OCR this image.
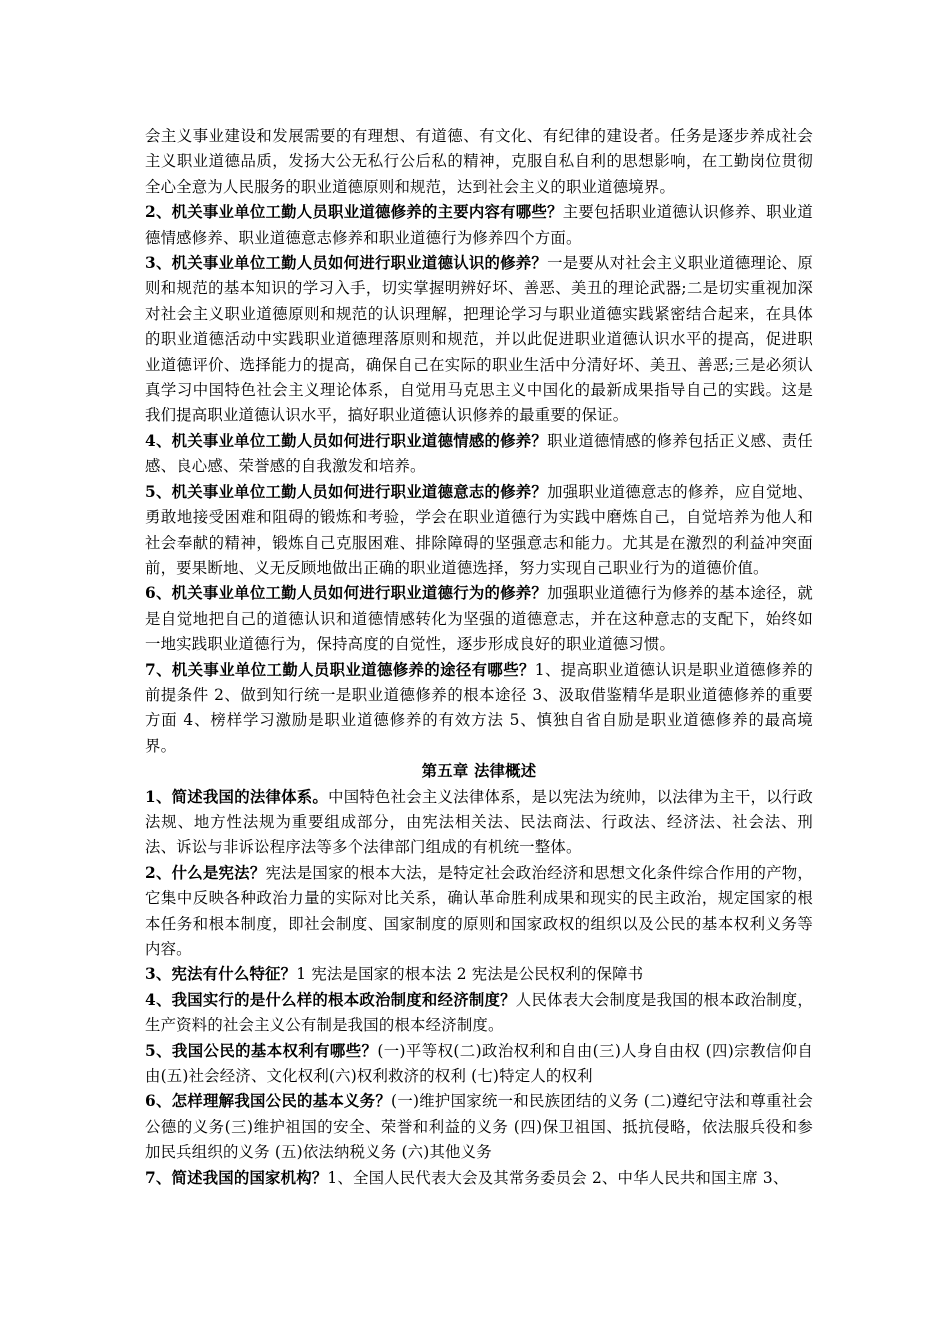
会主义事业建设和发展需要的有理想、有道德、有文化、有纪律的建设者。任务是逐步养成社会主义职业道德品质，发扬大公无私行公后私的精神，克服自私自利的思想影响，在工勤岗位贯彻全心全意为人民服务的职业道德原则和规范，达到社会主义的职业道德境界。

2、机关事业单位工勤人员职业道德修养的主要内容有哪些？主要包括职业道德认识修养、职业道德情感修养、职业道德意志修养和职业道德行为修养四个方面。

3、机关事业单位工勤人员如何进行职业道德认识的修养？一是要从对社会主义职业道德理论、原则和规范的基本知识的学习入手，切实掌握明辨好坏、善恶、美丑的理论武器;二是切实重视加深对社会主义职业道德原则和规范的认识理解，把理论学习与职业道德实践紧密结合起来，在具体的职业道德活动中实践职业道德理落原则和规范，并以此促进职业道德认识水平的提高，促进职业道德评价、选择能力的提高，确保自己在实际的职业生活中分清好坏、美丑、善恶;三是必须认真学习中国特色社会主义理论体系，自觉用马克思主义中国化的最新成果指导自己的实践。这是我们提高职业道德认识水平，搞好职业道德认识修养的最重要的保证。

4、机关事业单位工勤人员如何进行职业道德情感的修养？职业道德情感的修养包括正义感、责任感、良心感、荣誉感的自我激发和培养。

5、机关事业单位工勤人员如何进行职业道德意志的修养？加强职业道德意志的修养，应自觉地、勇敢地接受困难和阻碍的锻炼和考验，学会在职业道德行为实践中磨炼自己，自觉培养为他人和社会奉献的精神，锻炼自己克服困难、排除障碍的坚强意志和能力。尤其是在激烈的利益冲突面前，要果断地、义无反顾地做出正确的职业道德选择，努力实现自己职业行为的道德价值。

6、机关事业单位工勤人员如何进行职业道德行为的修养？加强职业道德行为修养的基本途径，就是自觉地把自己的道德认识和道德情感转化为坚强的道德意志，并在这种意志的支配下，始终如一地实践职业道德行为，保持高度的自觉性，逐步形成良好的职业道德习惯。

7、机关事业单位工勤人员职业道德修养的途径有哪些？1、提高职业道德认识是职业道德修养的前提条件 2、做到知行统一是职业道德修养的根本途径 3、汲取借鉴精华是职业道德修养的重要方面 4、榜样学习激励是职业道德修养的有效方法 5、慎独自省自励是职业道德修养的最高境界。

第五章 法律概述

1、简述我国的法律体系。中国特色社会主义法律体系，是以宪法为统帅，以法律为主干，以行政法规、地方性法规为重要组成部分，由宪法相关法、民法商法、行政法、经济法、社会法、刑法、诉讼与非诉讼程序法等多个法律部门组成的有机统一整体。

2、什么是宪法？宪法是国家的根本大法，是特定社会政治经济和思想文化条件综合作用的产物，它集中反映各种政治力量的实际对比关系，确认革命胜利成果和现实的民主政治，规定国家的根本任务和根本制度，即社会制度、国家制度的原则和国家政权的组织以及公民的基本权利义务等内容。

3、宪法有什么特征？1 宪法是国家的根本法 2 宪法是公民权利的保障书

4、我国实行的是什么样的根本政治制度和经济制度？人民体表大会制度是我国的根本政治制度，生产资料的社会主义公有制是我国的根本经济制度。

5、我国公民的基本权利有哪些？(一)平等权(二)政治权利和自由(三)人身自由权 (四)宗教信仰自由(五)社会经济、文化权利(六)权利救济的权利 (七)特定人的权利

6、怎样理解我国公民的基本义务？(一)维护国家统一和民族团结的义务 (二)遵纪守法和尊重社会公德的义务(三)维护祖国的安全、荣誉和利益的义务 (四)保卫祖国、抵抗侵略，依法服兵役和参加民兵组织的义务 (五)依法纳税义务 (六)其他义务

7、简述我国的国家机构？1、全国人民代表大会及其常务委员会 2、中华人民共和国主席 3、
